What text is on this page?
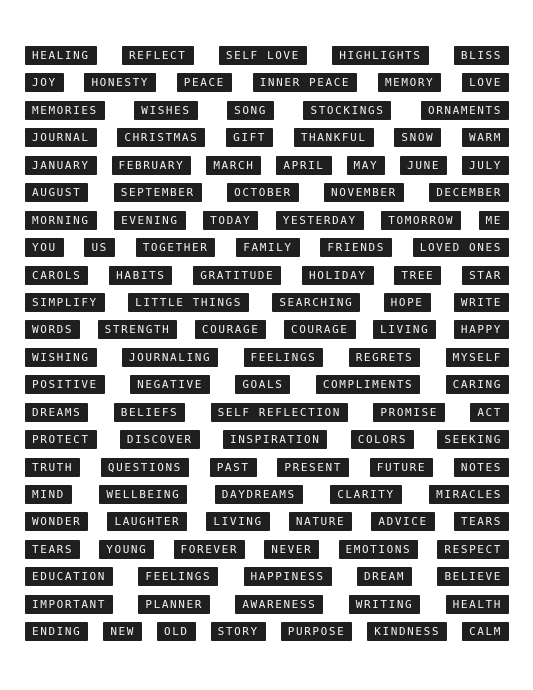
HEALING	REFLECT	SELF LOVE	HIGHLIGHTS	BLISS
JOY	HONESTY	PEACE	INNER PEACE	MEMORY	LOVE
MEMORIES	WISHES	SONG	STOCKINGS	ORNAMENTS
JOURNAL	CHRISTMAS	GIFT	THANKFUL	SNOW	WARM
JANUARY	FEBRUARY	MARCH	APRIL	MAY	JUNE	JULY
AUGUST	SEPTEMBER	OCTOBER	NOVEMBER	DECEMBER
MORNING	EVENING	TODAY	YESTERDAY	TOMORROW	ME
YOU	US	TOGETHER	FAMILY	FRIENDS	LOVED ONES
CAROLS	HABITS	GRATITUDE	HOLIDAY	TREE	STAR
SIMPLIFY	LITTLE THINGS	SEARCHING	HOPE	WRITE
WORDS	STRENGTH	COURAGE	COURAGE	LIVING	HAPPY
WISHING	JOURNALING	FEELINGS	REGRETS	MYSELF
POSITIVE	NEGATIVE	GOALS	COMPLIMENTS	CARING
DREAMS	BELIEFS	SELF REFLECTION	PROMISE	ACT
PROTECT	DISCOVER	INSPIRATION	COLORS	SEEKING
TRUTH	QUESTIONS	PAST	PRESENT	FUTURE	NOTES
MIND	WELLBEING	DAYDREAMS	CLARITY	MIRACLES
WONDER	LAUGHTER	LIVING	NATURE	ADVICE	TEARS
TEARS	YOUNG	FOREVER	NEVER	EMOTIONS	RESPECT
EDUCATION	FEELINGS	HAPPINESS	DREAM	BELIEVE
IMPORTANT	PLANNER	AWARENESS	WRITING	HEALTH
ENDING	NEW	OLD	STORY	PURPOSE	KINDNESS	CALM
